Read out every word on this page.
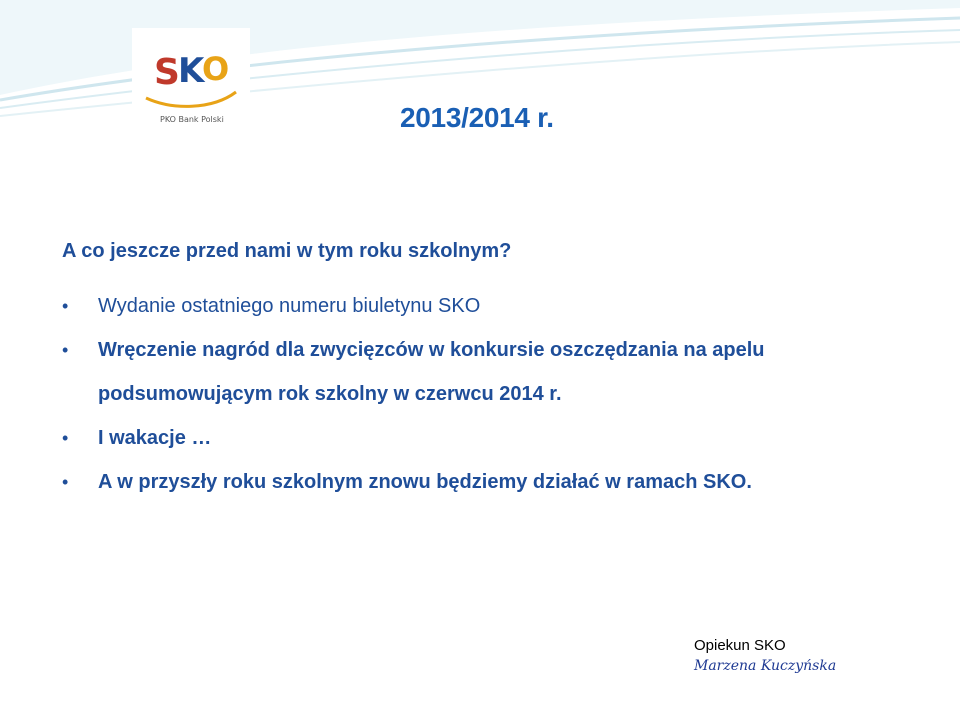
S
K
O
PKO Bank Polski	2013/2014 r.
A co jeszcze przed nami w tym roku szkolnym?
• Wydanie ostatniego numeru biuletynu SKO
• Wręczenie nagród dla zwycięzców w konkursie oszczędzania na apelu podsumowującym rok szkolny w czerwcu 2014 r.
• I wakacje …
• A w przyszły roku szkolnym znowu będziemy działać w ramach SKO.
Opiekun SKO
Marzena Kuczyńska
